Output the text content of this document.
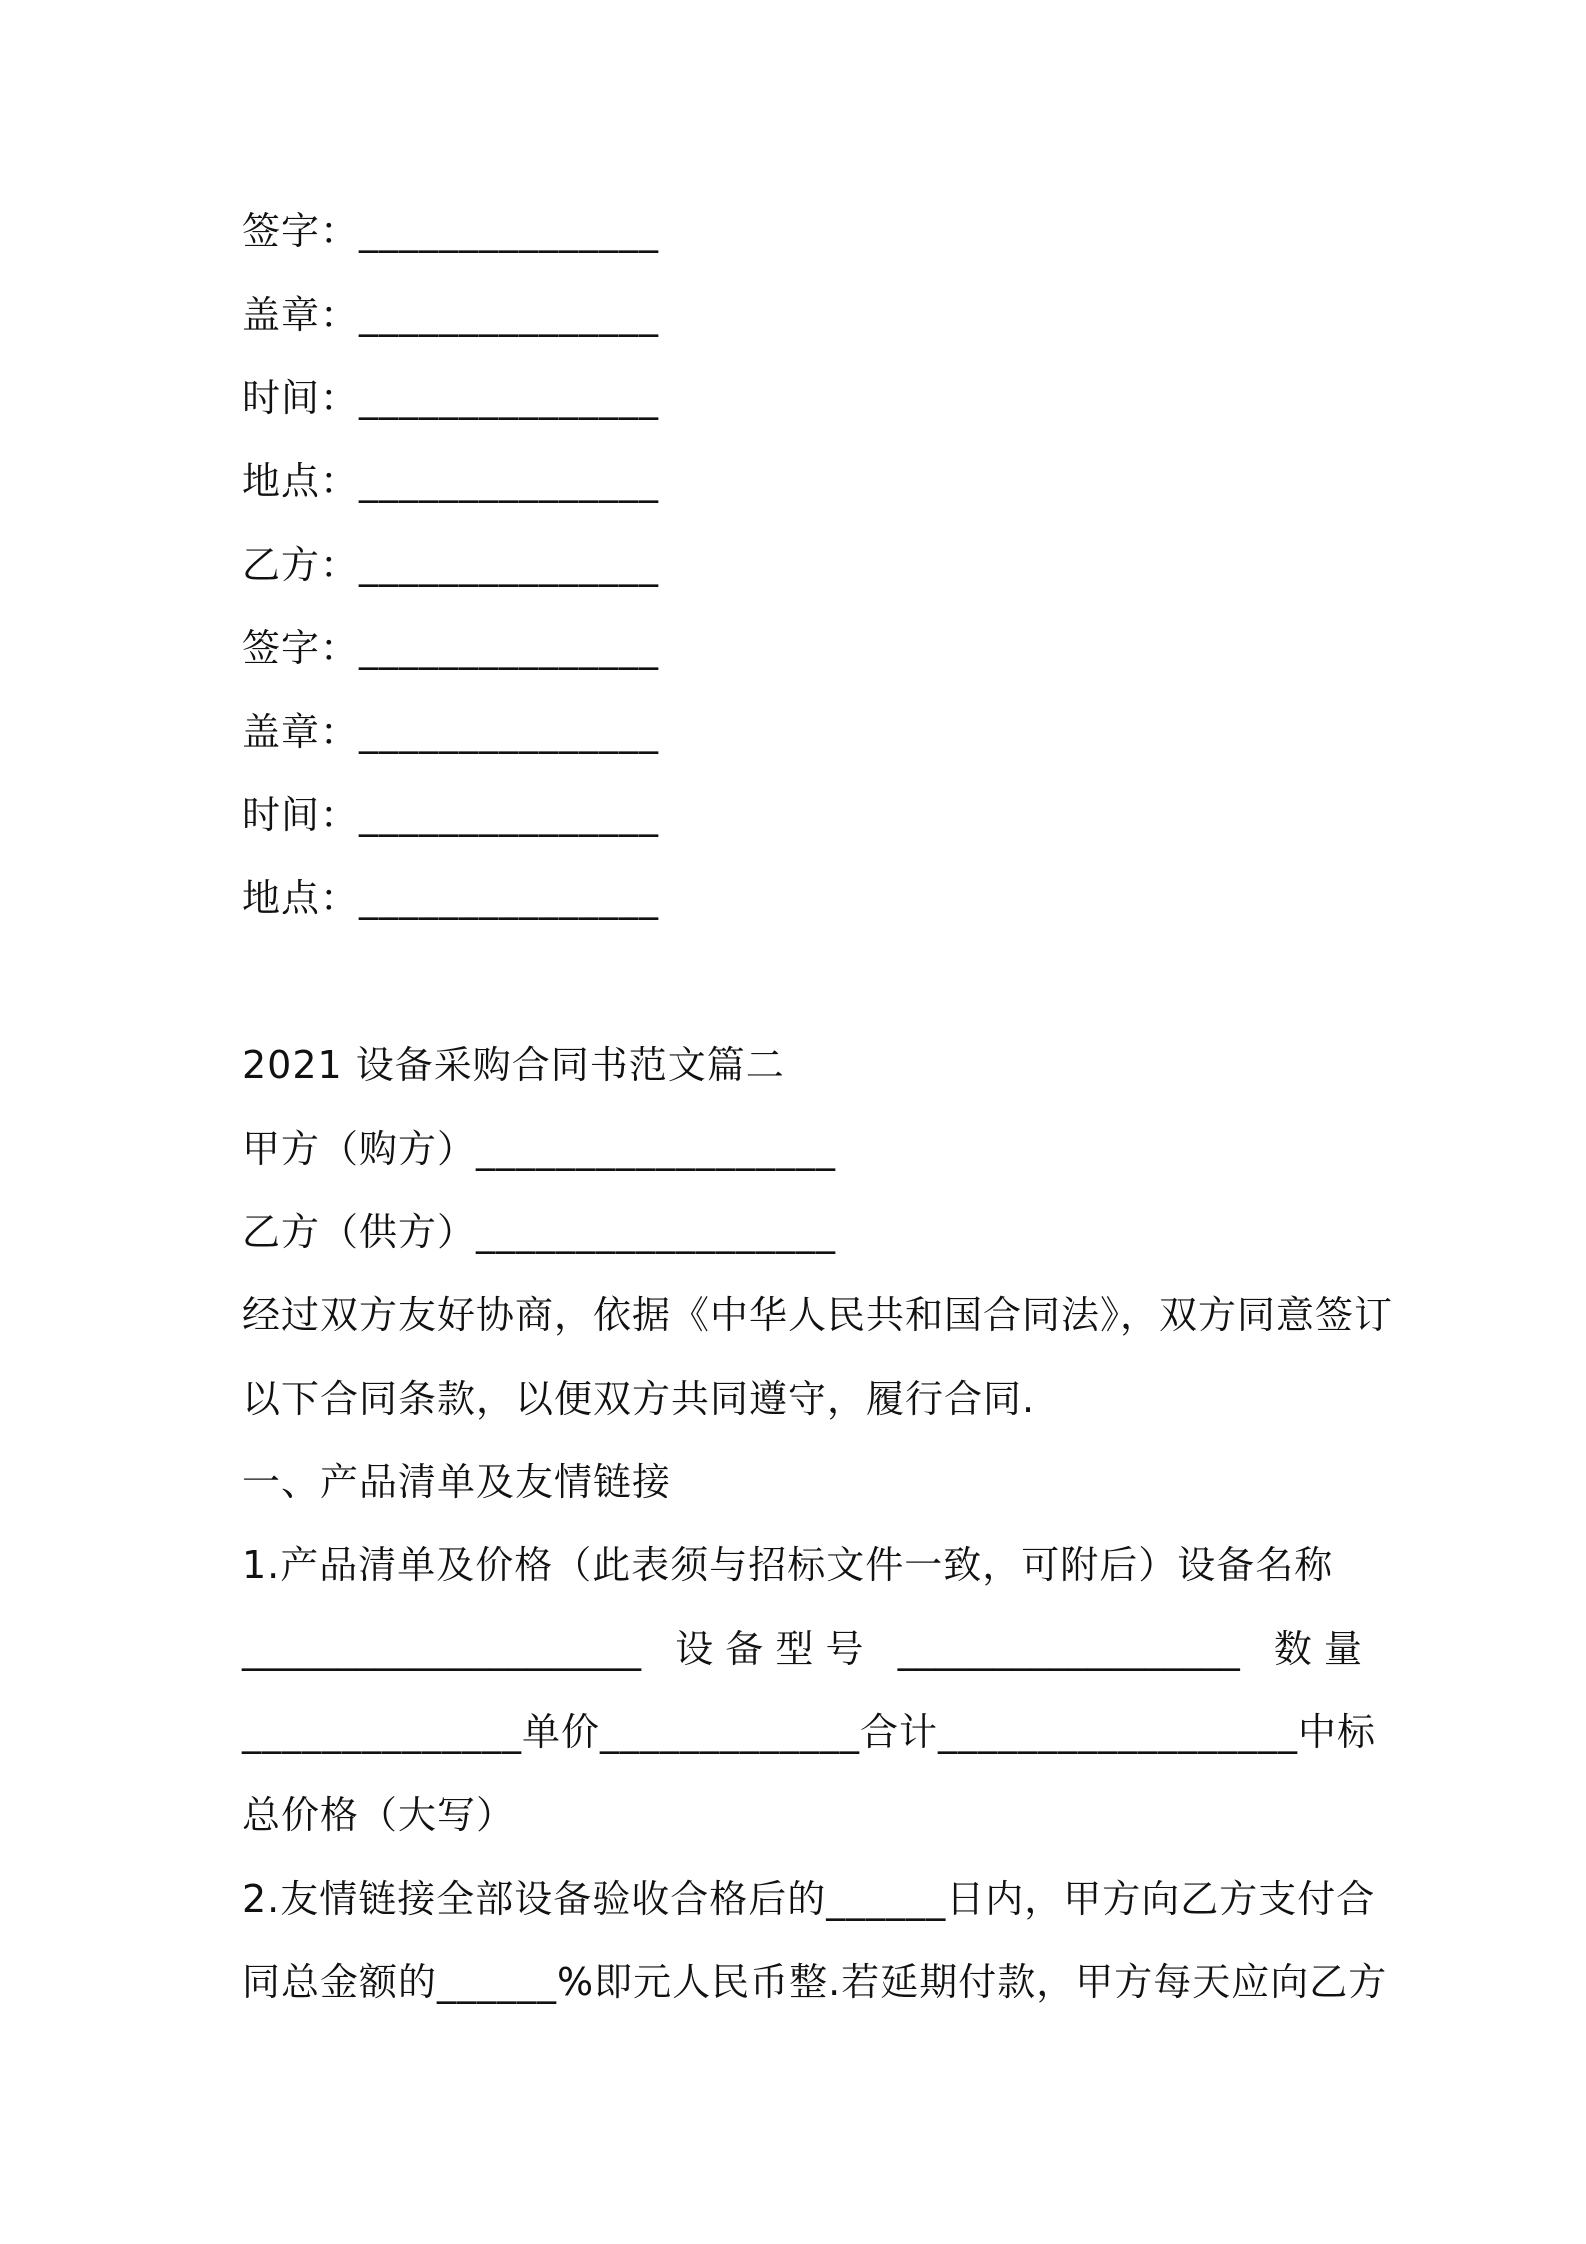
签字：_______________
盖章：_______________
时间：_______________
地点：_______________
乙方：_______________
签字：_______________
盖章：_______________
时间：_______________
地点：_______________
2021 设备采购合同书范文篇二
甲方（购方）__________________
乙方（供方）__________________
经过双方友好协商，依据《中华人民共和国合同法》，双方同意签订
以下合同条款，以便双方共同遵守，履行合同.
一、产品清单及友情链接
1.产品清单及价格（此表须与招标文件一致，可附后）设备名称
_____________________ 设 备 型 号 __________________ 数 量
______________单价_____________合计__________________中标
总价格（大写）
2.友情链接全部设备验收合格后的______日内，甲方向乙方支付合
同总金额的______%即元人民币整.若延期付款，甲方每天应向乙方
